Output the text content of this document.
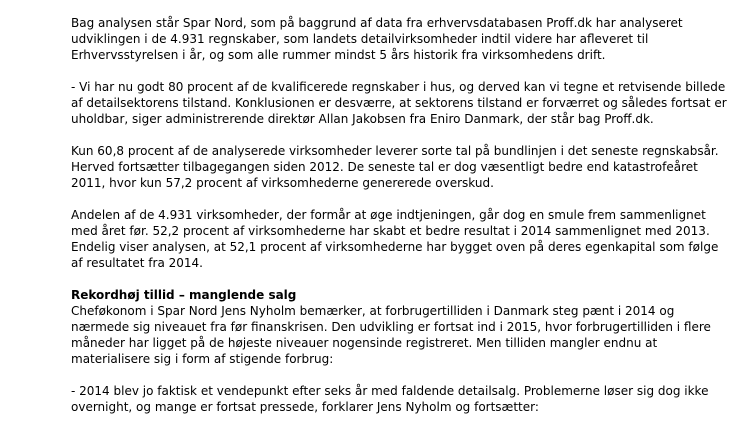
Bag analysen står Spar Nord, som på baggrund af data fra erhvervsdatabasen Proff.dk har analyseret udviklingen i de 4.931 regnskaber, som landets detailvirksomheder indtil videre har afleveret til Erhvervsstyrelsen i år, og som alle rummer mindst 5 års historik fra virksomhedens drift.

- Vi har nu godt 80 procent af de kvalificerede regnskaber i hus, og derved kan vi tegne et retvisende billede af detailsektorens tilstand. Konklusionen er desværre, at sektorens tilstand er forværret og således fortsat er uholdbar, siger administrerende direktør Allan Jakobsen fra Eniro Danmark, der står bag Proff.dk.

Kun 60,8 procent af de analyserede virksomheder leverer sorte tal på bundlinjen i det seneste regnskabsår. Herved fortsætter tilbagegangen siden 2012. De seneste tal er dog væsentligt bedre end katastrofeåret 2011, hvor kun 57,2 procent af virksomhederne genererede overskud.

Andelen af de 4.931 virksomheder, der formår at øge indtjeningen, går dog en smule frem sammenlignet med året før. 52,2 procent af virksomhederne har skabt et bedre resultat i 2014 sammenlignet med 2013. Endelig viser analysen, at 52,1 procent af virksomhederne har bygget oven på deres egenkapital som følge af resultatet fra 2014.

Rekordhøj tillid – manglende salg

Cheføkonom i Spar Nord Jens Nyholm bemærker, at forbrugertilliden i Danmark steg pænt i 2014 og nærmede sig niveauet fra før finanskrisen. Den udvikling er fortsat ind i 2015, hvor forbrugertilliden i flere måneder har ligget på de højeste niveauer nogensinde registreret. Men tilliden mangler endnu at materialisere sig i form af stigende forbrug:

- 2014 blev jo faktisk et vendepunkt efter seks år med faldende detailsalg. Problemerne løser sig dog ikke overnight, og mange er fortsat pressede, forklarer Jens Nyholm og fortsætter:
